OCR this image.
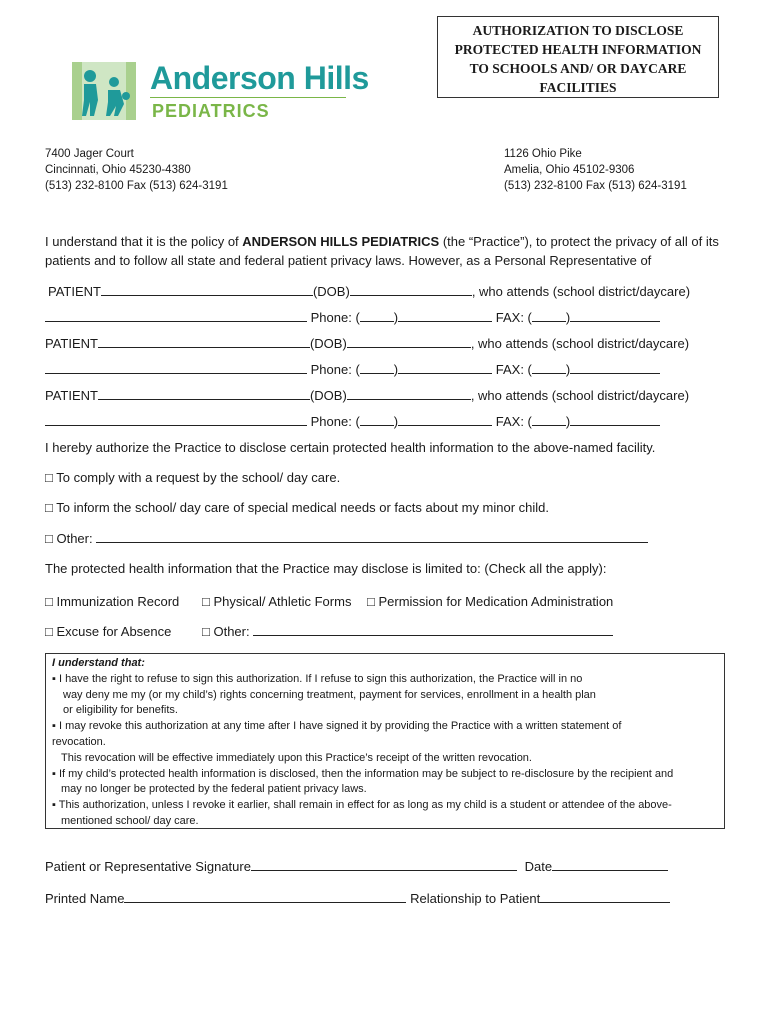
Anderson Hills
PEDIATRICS
AUTHORIZATION TO DISCLOSE
PROTECTED HEALTH INFORMATION
TO SCHOOLS AND/ OR DAYCARE
FACILITIES
7400 Jager Court
Cincinnati, Ohio 45230-4380
(513) 232-8100 Fax (513) 624-3191
1126 Ohio Pike
Amelia, Ohio 45102-9306
(513) 232-8100 Fax (513) 624-3191
I understand that it is the policy of ANDERSON HILLS PEDIATRICS (the “Practice”), to protect the privacy of all of its patients and to follow all state and federal patient privacy laws. However, as a Personal Representative of
PATIENT	(DOB)	, who attends (school district/daycare)
Phone: (	)	FAX: (	)
PATIENT	(DOB)	, who attends (school district/daycare)
Phone: (	)	FAX: (	)
PATIENT	(DOB)	, who attends (school district/daycare)
Phone: (	)	FAX: (	)
I hereby authorize the Practice to disclose certain protected health information to the above-named facility.
□ To comply with a request by the school/ day care.
□ To inform the school/ day care of special medical needs or facts about my minor child.
□ Other:
The protected health information that the Practice may disclose is limited to: (Check all the apply):
□ Immunization Record □ Physical/ Athletic Forms □ Permission for Medication Administration
□ Excuse for Absence □ Other:
I understand that:
▪ I have the right to refuse to sign this authorization. If I refuse to sign this authorization, the Practice will in no
way deny me my (or my child’s) rights concerning treatment, payment for services, enrollment in a health plan
or eligibility for benefits.
▪ I may revoke this authorization at any time after I have signed it by providing the Practice with a written statement of
revocation.
This revocation will be effective immediately upon this Practice’s receipt of the written revocation.
▪ If my child’s protected health information is disclosed, then the information may be subject to re-disclosure by the recipient and
may no longer be protected by the federal patient privacy laws.
▪ This authorization, unless I revoke it earlier, shall remain in effect for as long as my child is a student or attendee of the above-
mentioned school/ day care.
Patient or Representative Signature	Date
Printed Name	Relationship to Patient
